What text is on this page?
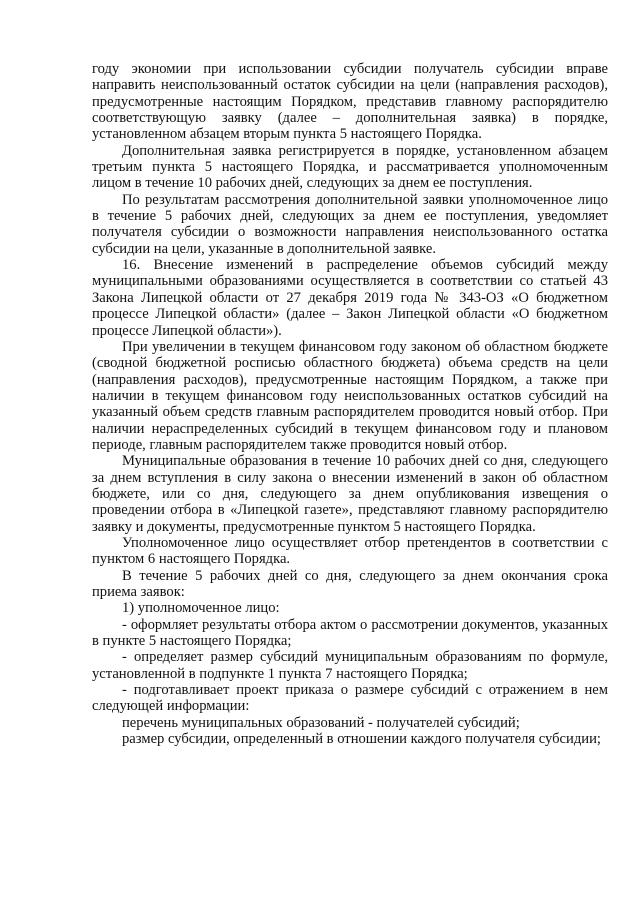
году экономии при использовании субсидии получатель субсидии вправе направить неиспользованный остаток субсидии на цели (направления расходов), предусмотренные настоящим Порядком, представив главному распорядителю соответствующую заявку (далее – дополнительная заявка) в порядке, установленном абзацем вторым пункта 5 настоящего Порядка.

Дополнительная заявка регистрируется в порядке, установленном абзацем третьим пункта 5 настоящего Порядка, и рассматривается уполномоченным лицом в течение 10 рабочих дней, следующих за днем ее поступления.

По результатам рассмотрения дополнительной заявки уполномоченное лицо в течение 5 рабочих дней, следующих за днем ее поступления, уведомляет получателя субсидии о возможности направления неиспользованного остатка субсидии на цели, указанные в дополнительной заявке.

16. Внесение изменений в распределение объемов субсидий между муниципальными образованиями осуществляется в соответствии со статьей 43 Закона Липецкой области от 27 декабря 2019 года № 343-ОЗ «О бюджетном процессе Липецкой области» (далее – Закон Липецкой области «О бюджетном процессе Липецкой области»).

При увеличении в текущем финансовом году законом об областном бюджете (сводной бюджетной росписью областного бюджета) объема средств на цели (направления расходов), предусмотренные настоящим Порядком, а также при наличии в текущем финансовом году неиспользованных остатков субсидий на указанный объем средств главным распорядителем проводится новый отбор. При наличии нераспределенных субсидий в текущем финансовом году и плановом периоде, главным распорядителем также проводится новый отбор.

Муниципальные образования в течение 10 рабочих дней со дня, следующего за днем вступления в силу закона о внесении изменений в закон об областном бюджете, или со дня, следующего за днем опубликования извещения о проведении отбора в «Липецкой газете», представляют главному распорядителю заявку и документы, предусмотренные пунктом 5 настоящего Порядка.

Уполномоченное лицо осуществляет отбор претендентов в соответствии с пунктом 6 настоящего Порядка.

В течение 5 рабочих дней со дня, следующего за днем окончания срока приема заявок:

1) уполномоченное лицо:

- оформляет результаты отбора актом о рассмотрении документов, указанных в пункте 5 настоящего Порядка;

- определяет размер субсидий муниципальным образованиям по формуле, установленной в подпункте 1 пункта 7 настоящего Порядка;

- подготавливает проект приказа о размере субсидий с отражением в нем следующей информации:

перечень муниципальных образований - получателей субсидий;

размер субсидии, определенный в отношении каждого получателя субсидии;
